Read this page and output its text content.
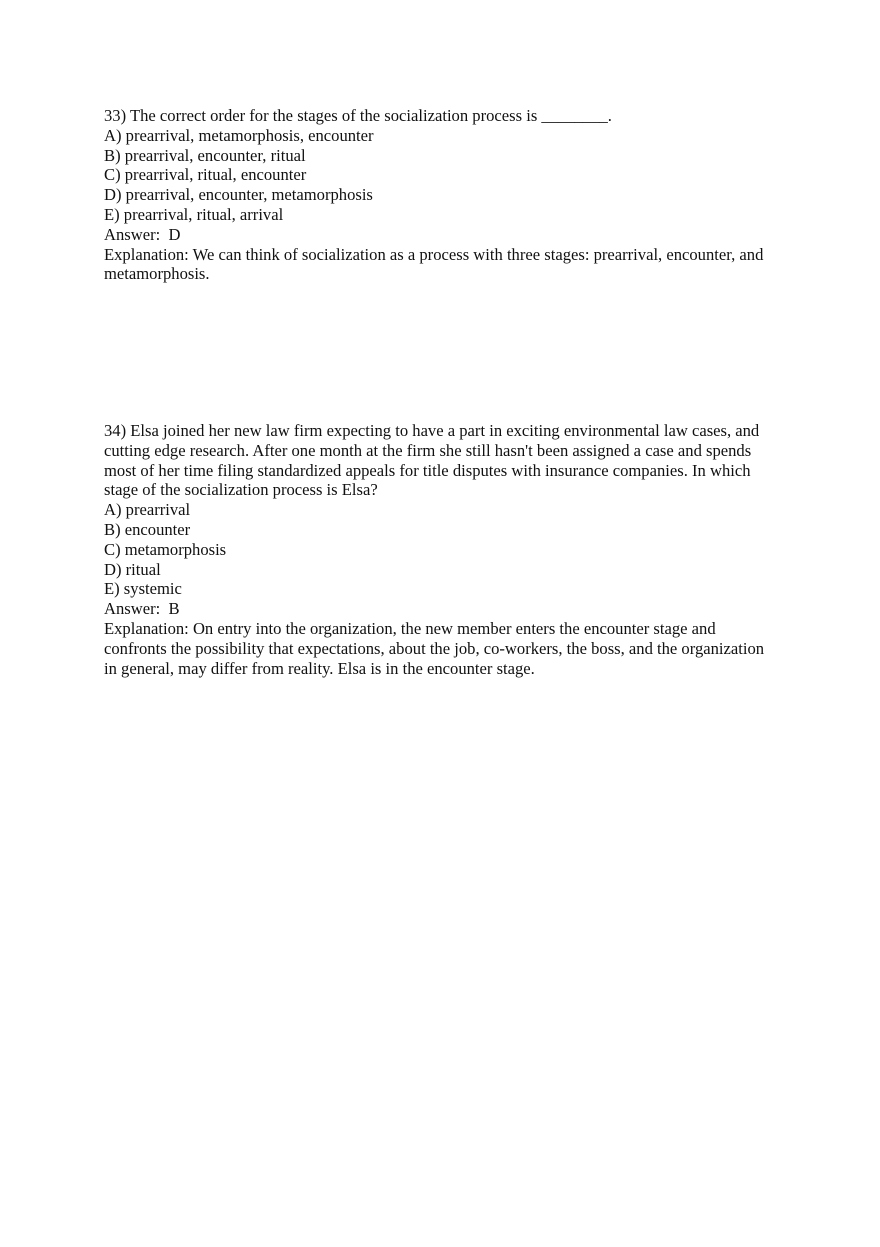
33) The correct order for the stages of the socialization process is ________.
A) prearrival, metamorphosis, encounter
B) prearrival, encounter, ritual
C) prearrival, ritual, encounter
D) prearrival, encounter, metamorphosis
E) prearrival, ritual, arrival
Answer:  D
Explanation: We can think of socialization as a process with three stages: prearrival, encounter, and metamorphosis.
34) Elsa joined her new law firm expecting to have a part in exciting environmental law cases, and cutting edge research. After one month at the firm she still hasn't been assigned a case and spends most of her time filing standardized appeals for title disputes with insurance companies. In which stage of the socialization process is Elsa?
A) prearrival
B) encounter
C) metamorphosis
D) ritual
E) systemic
Answer:  B
Explanation: On entry into the organization, the new member enters the encounter stage and confronts the possibility that expectations, about the job, co-workers, the boss, and the organization in general, may differ from reality. Elsa is in the encounter stage.
